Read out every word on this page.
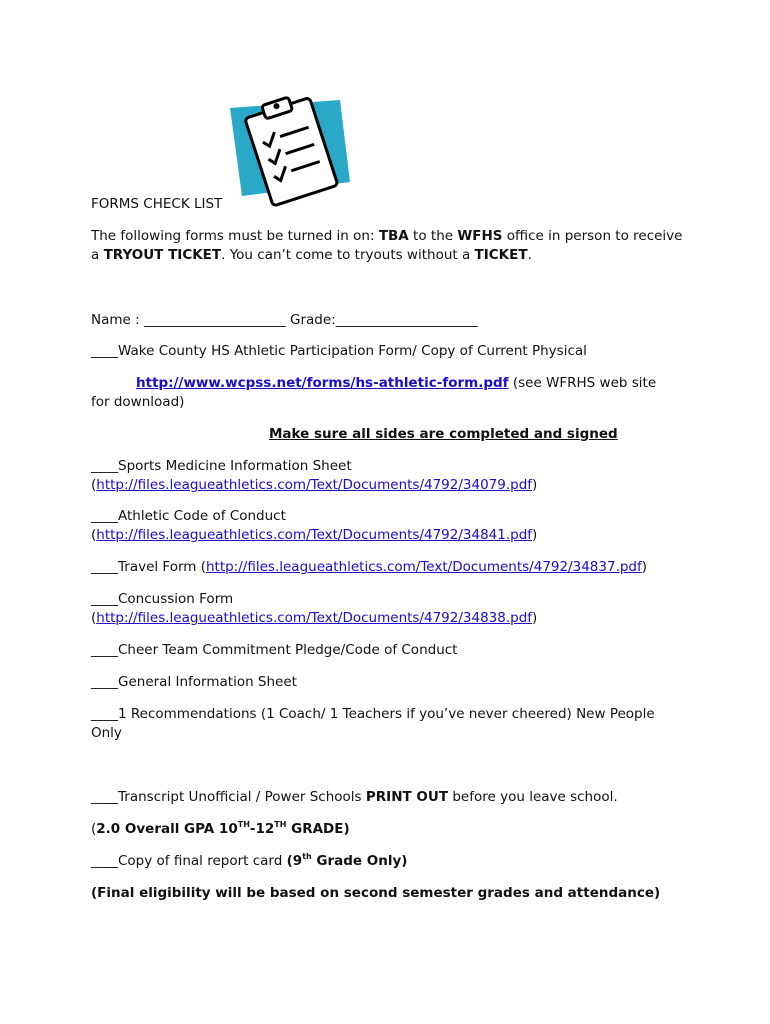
FORMS CHECK LIST

The following forms must be turned in on: TBA to the WFHS office in person to receive a TRYOUT TICKET. You can’t come to tryouts without a TICKET.

Name : _____________________ Grade:_____________________

____Wake County HS Athletic Participation Form/ Copy of Current Physical

http://www.wcpss.net/forms/hs-athletic-form.pdf (see WFRHS web site

for download)

Make sure all sides are completed and signed

____Sports Medicine Information Sheet

(http://files.leagueathletics.com/Text/Documents/4792/34079.pdf)

____Athletic Code of Conduct

(http://files.leagueathletics.com/Text/Documents/4792/34841.pdf)

____Travel Form (http://files.leagueathletics.com/Text/Documents/4792/34837.pdf)

____Concussion Form

(http://files.leagueathletics.com/Text/Documents/4792/34838.pdf)

____Cheer Team Commitment Pledge/Code of Conduct

____General Information Sheet

____1 Recommendations (1 Coach/ 1 Teachers if you’ve never cheered) New People Only

____Transcript Unofficial / Power Schools PRINT OUT before you leave school.

(2.0 Overall GPA 10TH-12TH GRADE)

____Copy of final report card (9th Grade Only)

(Final eligibility will be based on second semester grades and attendance)
